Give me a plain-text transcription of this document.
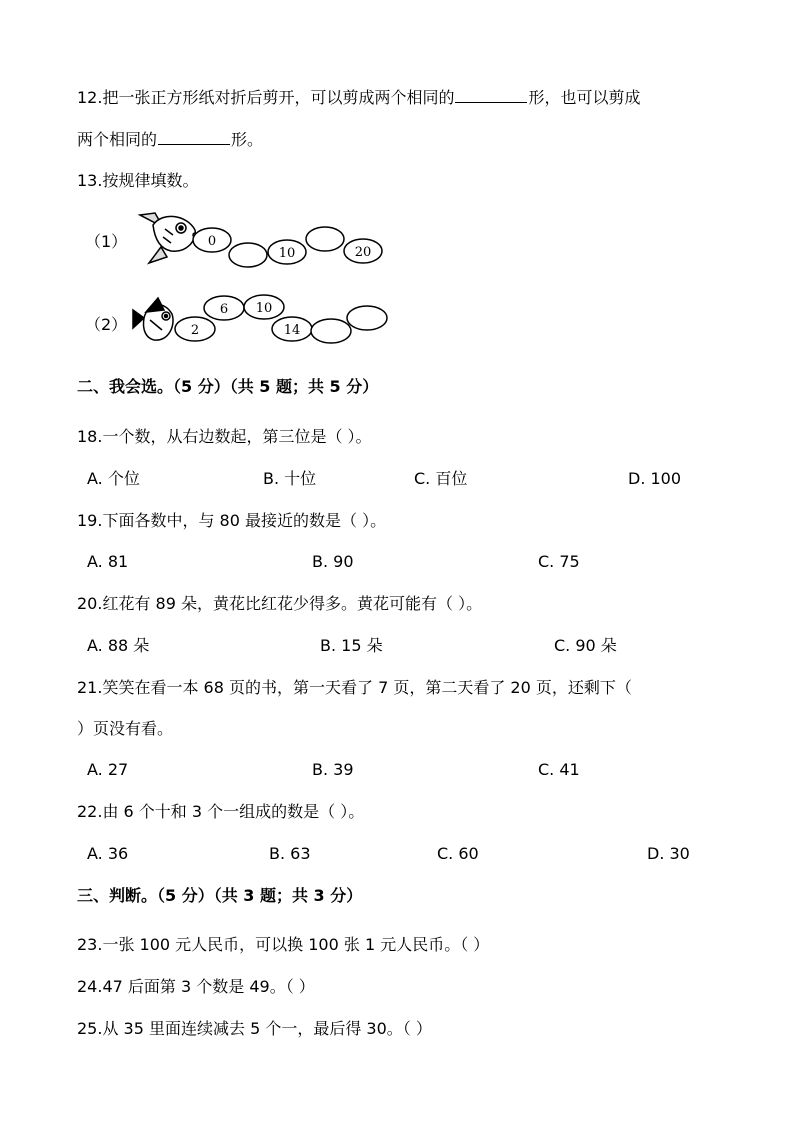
12.把一张正方形纸对折后剪开，可以剪成两个相同的	形，也可以剪成
两个相同的	形。
13.按规律填数。
（1）	0
10	20
（2）	2
6 10
14
二、我会选。（5 分）（共 5 题；共 5 分）
18.一个数，从右边数起，第三位是（ ）。
A. 个位	B. 十位	C. 百位	D. 100
19.下面各数中，与 80 最接近的数是（ ）。
A. 81	B. 90	C. 75
20.红花有 89 朵，黄花比红花少得多。黄花可能有（ ）。
A. 88 朵	B. 15 朵	C. 90 朵
21.笑笑在看一本 68 页的书，第一天看了 7 页，第二天看了 20 页，还剩下（
）页没有看。
A. 27	B. 39	C. 41
22.由 6 个十和 3 个一组成的数是（ ）。
A. 36	B. 63	C. 60	D. 30
三、判断。（5 分）（共 3 题；共 3 分）
23.一张 100 元人民币，可以换 100 张 1 元人民币。（ ）
24.47 后面第 3 个数是 49。（ ）
25.从 35 里面连续减去 5 个一，最后得 30。（ ）
